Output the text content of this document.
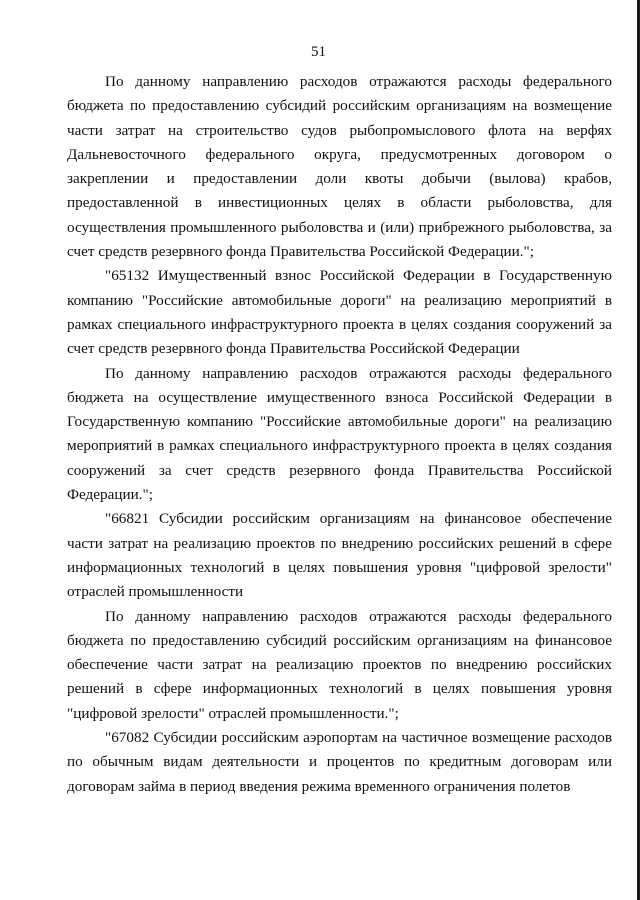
51

По данному направлению расходов отражаются расходы федерального бюджета по предоставлению субсидий российским организациям на возмещение части затрат на строительство судов рыбопромыслового флота на верфях Дальневосточного федерального округа, предусмотренных договором о закреплении и предоставлении доли квоты добычи (вылова) крабов, предоставленной в инвестиционных целях в области рыболовства, для осуществления промышленного рыболовства и (или) прибрежного рыболовства, за счет средств резервного фонда Правительства Российской Федерации.";

"65132 Имущественный взнос Российской Федерации в Государственную компанию "Российские автомобильные дороги" на реализацию мероприятий в рамках специального инфраструктурного проекта в целях создания сооружений за счет средств резервного фонда Правительства Российской Федерации

По данному направлению расходов отражаются расходы федерального бюджета на осуществление имущественного взноса Российской Федерации в Государственную компанию "Российские автомобильные дороги" на реализацию мероприятий в рамках специального инфраструктурного проекта в целях создания сооружений за счет средств резервного фонда Правительства Российской Федерации.";

"66821 Субсидии российским организациям на финансовое обеспечение части затрат на реализацию проектов по внедрению российских решений в сфере информационных технологий в целях повышения уровня "цифровой зрелости" отраслей промышленности

По данному направлению расходов отражаются расходы федерального бюджета по предоставлению субсидий российским организациям на финансовое обеспечение части затрат на реализацию проектов по внедрению российских решений в сфере информационных технологий в целях повышения уровня "цифровой зрелости" отраслей промышленности.";

"67082 Субсидии российским аэропортам на частичное возмещение расходов по обычным видам деятельности и процентов по кредитным договорам или договорам займа в период введения режима временного ограничения полетов
